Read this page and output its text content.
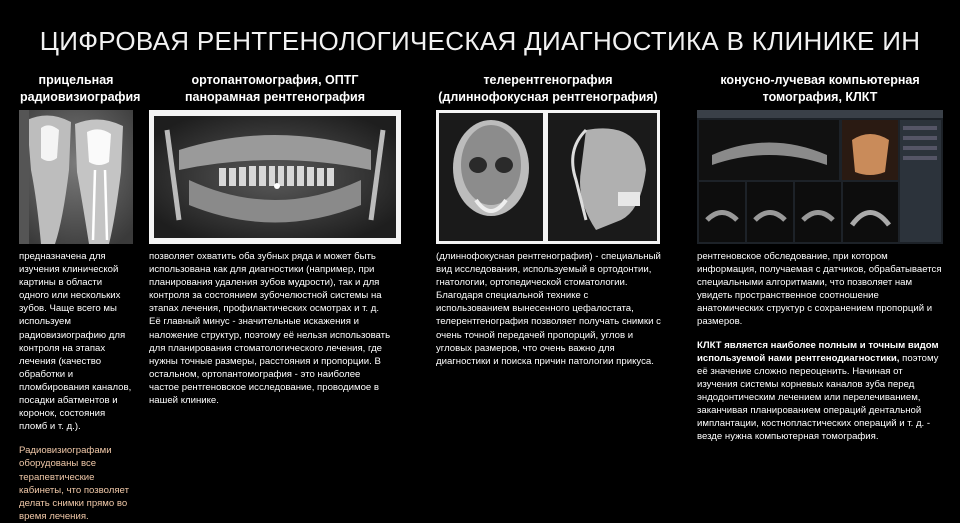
ЦИФРОВАЯ РЕНТГЕНОЛОГИЧЕСКАЯ ДИАГНОСТИКА В КЛИНИКЕ ИН
прицельная
радиовизиография
ортопантомография, ОПТГ
панорамная рентгенография
телерентгенография
(длиннофокусная рентгенография)
конусно-лучевая компьютерная
томография, КЛКТ

предназначена для изучения клинической картины в области одного или нескольких зубов. Чаще всего мы используем радиовизиографию для контроля на этапах лечения (качество обработки и пломбирования каналов, посадки абатментов и коронок, состояния пломб и т. д.).

Радиовизиографами оборудованы все терапевтические кабинеты, что позволяет делать снимки прямо во время лечения.

позволяет охватить оба зубных ряда и может быть использована как для диагностики (например, при планирования удаления зубов мудрости), так и для контроля за состоянием зубочелюстной системы на этапах лечения, профилактических осмотрах и т. д. Её главный минус - значительные искажения и наложение структур, поэтому её нельзя использовать для планирования стоматологического лечения, где нужны точные размеры, расстояния и пропорции. В остальном, ортопантомография - это наиболее частое рентгеновское исследование, проводимое в нашей клинике.

(длиннофокусная рентгенография) - специальный вид исследования, используемый в ортодонтии, гнатологии, ортопедической стоматологии. Благодаря специальной технике с использованием вынесенного цефалостата, телерентгенография позволяет получать снимки с очень точной передачей пропорций, углов и угловых размеров, что очень важно для диагностики и поиска причин патологии прикуса.

рентгеновское обследование, при котором информация, получаемая с датчиков, обрабатывается специальными алгоритмами, что позволяет нам увидеть пространственное соотношение анатомических структур с сохранением пропорций и размеров.

КЛКТ является наиболее полным и точным видом используемой нами рентгенодиагностики, поэтому её значение сложно переоценить. Начиная от изучения системы корневых каналов зуба перед эндодонтическим лечением или перелечиванием, заканчивая планированием операций дентальной имплантации, костнопластических операций и т. д. - везде нужна компьютерная томография.
